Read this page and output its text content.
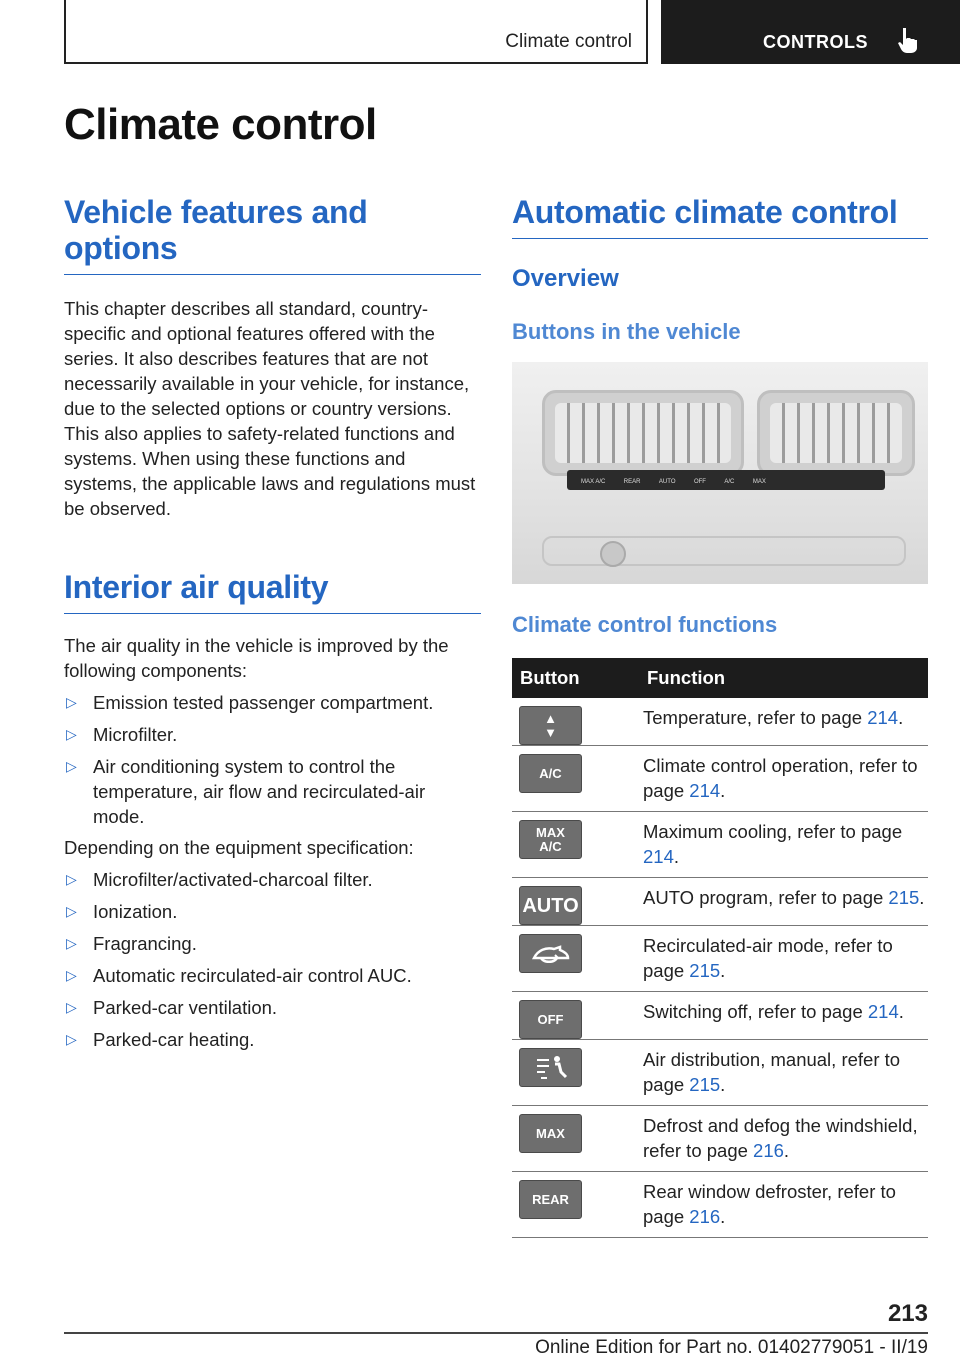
Climate control	CONTROLS
Climate control
Vehicle features and options

This chapter describes all standard, country-specific and optional features offered with the series. It also describes features that are not necessarily available in your vehicle, for instance, due to the selected options or country versions. This also applies to safety-related functions and systems. When using these functions and systems, the applicable laws and regulations must be observed.

Interior air quality

The air quality in the vehicle is improved by the following components:

▷ Emission tested passenger compartment.
▷ Microfilter.
▷ Air conditioning system to control the temperature, air flow and recirculated-air mode.

Depending on the equipment specification:

▷ Microfilter/activated-charcoal filter.
▷ Ionization.
▷ Fragrancing.
▷ Automatic recirculated-air control AUC.
▷ Parked-car ventilation.
▷ Parked-car heating.
Automatic climate control
Overview
Buttons in the vehicle
MAX A/C	REAR	AUTO	OFF	A/C	MAX
Climate control functions
Button	Function

▲
▼	Temperature, refer to page 214.

A/C	Climate control operation, refer to page 214.

MAX
A/C	Maximum cooling, refer to page 214.

AUTO	AUTO program, refer to page 215.

	Recirculated-air mode, refer to page 215.

OFF	Switching off, refer to page 214.

	Air distribution, manual, refer to page 215.

MAX	Defrost and defog the windshield, refer to page 216.

REAR	Rear window defroster, refer to page 216.
213
Online Edition for Part no. 01402779051 - II/19
